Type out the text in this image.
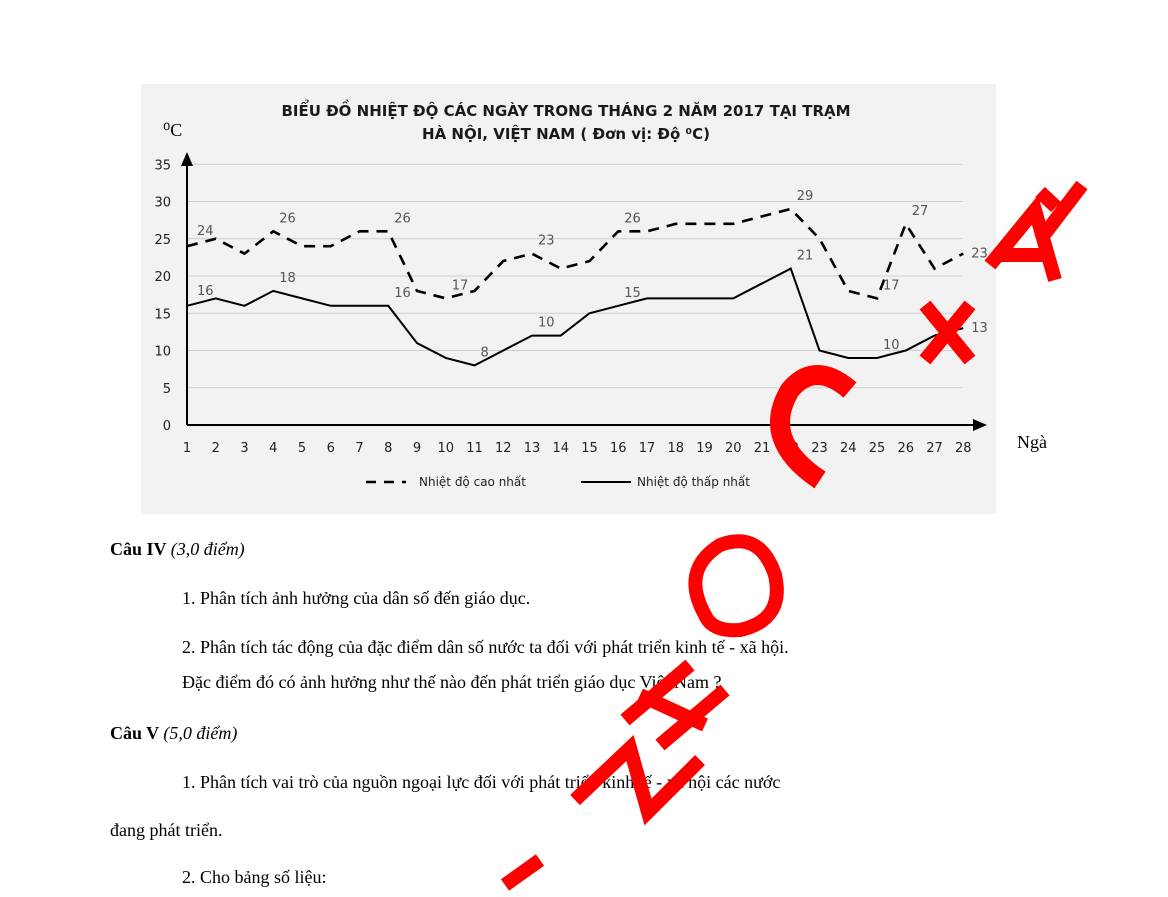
BIỂU ĐỒ NHIỆT ĐỘ CÁC NGÀY TRONG THÁNG 2 NĂM 2017 TẠI TRẠM
HÀ NỘI, VIỆT NAM ( Đơn vị: Độ ⁰C)
⁰C
Ngà
0
5
10
15
20
25
30
35
1 2 3 4 5 6 7 8 9 10 11 12 13 14 15 16 17 18 19 20 21 22 23 24 25 26 27 28
24
26	26
17
23
26
29
17
27
23
16
18
16
8
10
15
21
10
13
Nhiệt độ cao nhất	Nhiệt độ thấp nhất
Câu IV (3,0 điểm)
1. Phân tích ảnh hưởng của dân số đến giáo dục.
2. Phân tích tác động của đặc điểm dân số nước ta đối với phát triển kinh tế - xã hội.
Đặc điểm đó có ảnh hưởng như thế nào đến phát triển giáo dục Việt Nam ?
Câu V (5,0 điểm)
1. Phân tích vai trò của nguồn ngoại lực đối với phát triển kinh tế - xã hội các nước
đang phát triển.
2. Cho bảng số liệu:
